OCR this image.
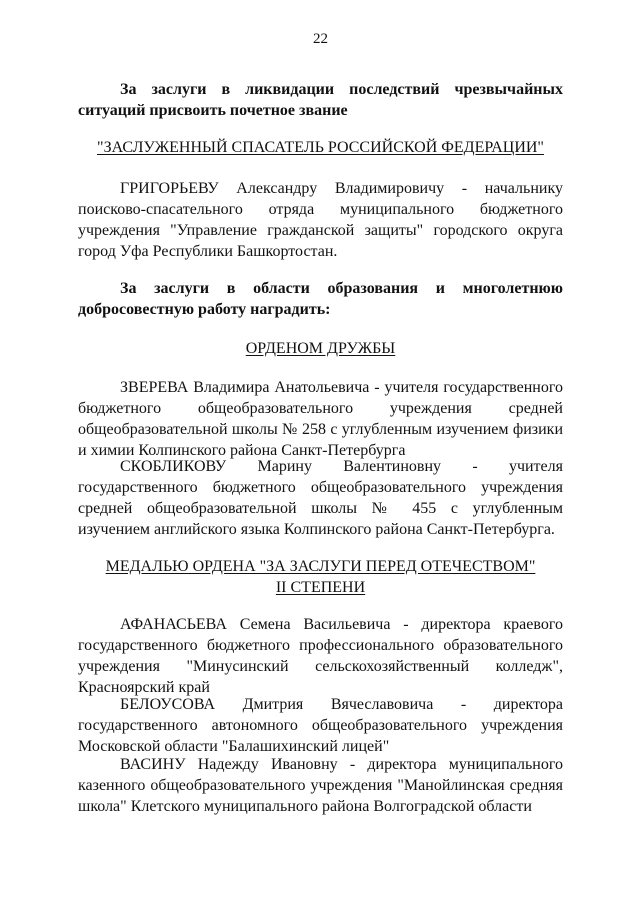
22
За заслуги в ликвидации последствий чрезвычайных ситуаций присвоить почетное звание
"ЗАСЛУЖЕННЫЙ СПАСАТЕЛЬ РОССИЙСКОЙ ФЕДЕРАЦИИ"
ГРИГОРЬЕВУ Александру Владимировичу - начальнику поисково-спасательного отряда муниципального бюджетного учреждения "Управление гражданской защиты" городского округа город Уфа Республики Башкортостан.
За заслуги в области образования и многолетнюю добросовестную работу наградить:
ОРДЕНОМ ДРУЖБЫ
ЗВЕРЕВА Владимира Анатольевича - учителя государственного бюджетного общеобразовательного учреждения средней общеобразовательной школы № 258 с углубленным изучением физики и химии Колпинского района Санкт-Петербурга
СКОБЛИКОВУ Марину Валентиновну - учителя государственного бюджетного общеобразовательного учреждения средней общеобразовательной школы № 455 с углубленным изучением английского языка Колпинского района Санкт-Петербурга.
МЕДАЛЬЮ ОРДЕНА "ЗА ЗАСЛУГИ ПЕРЕД ОТЕЧЕСТВОМ"
II СТЕПЕНИ
АФАНАСЬЕВА Семена Васильевича - директора краевого государственного бюджетного профессионального образовательного учреждения "Минусинский сельскохозяйственный колледж", Красноярский край
БЕЛОУСОВА Дмитрия Вячеславовича - директора государственного автономного общеобразовательного учреждения Московской области "Балашихинский лицей"
ВАСИНУ Надежду Ивановну - директора муниципального казенного общеобразовательного учреждения "Манойлинская средняя школа" Клетского муниципального района Волгоградской области
